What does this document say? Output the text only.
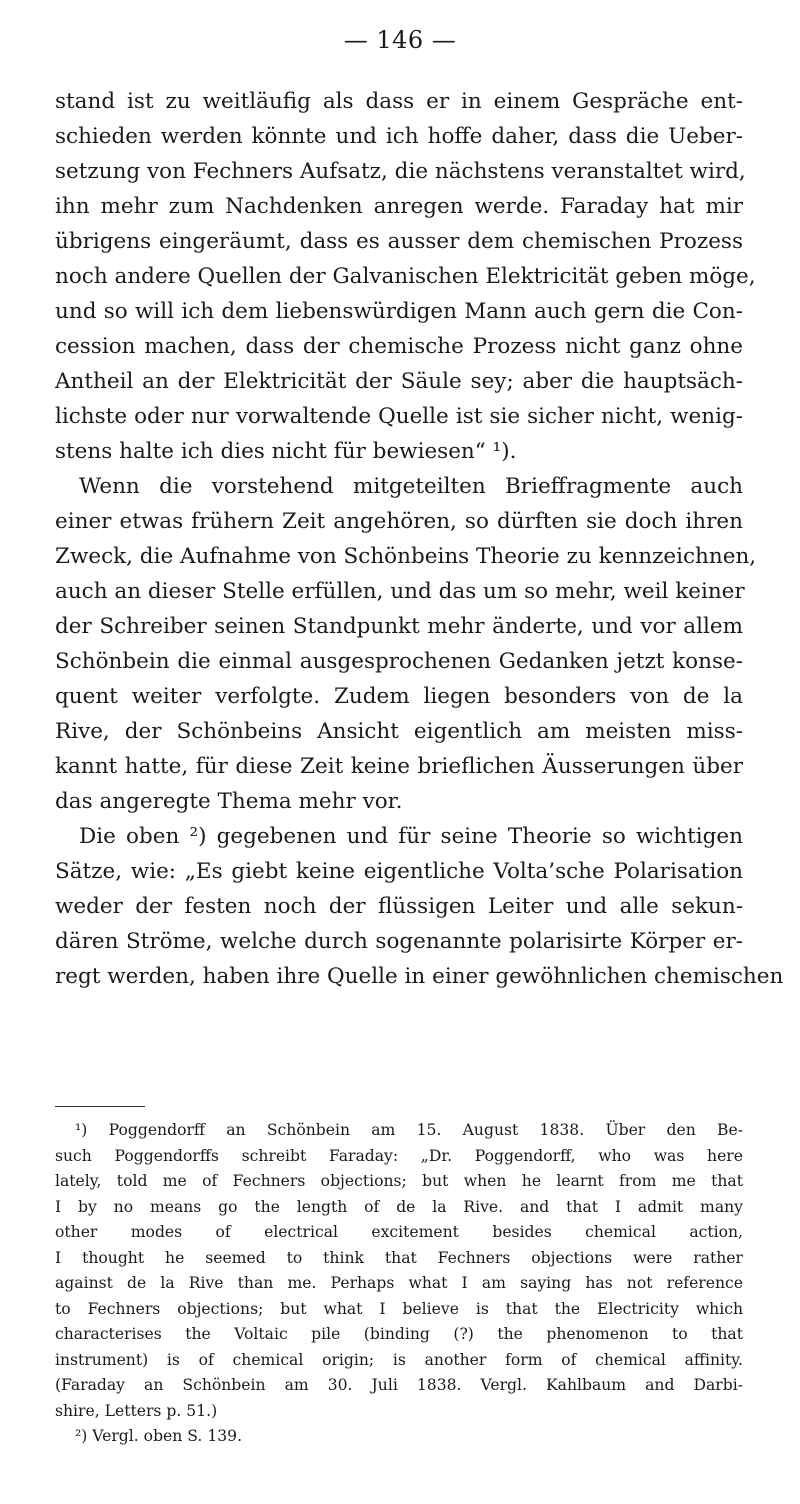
— 146 —
stand ist zu weitläufig als dass er in einem Gespräche ent-
schieden werden könnte und ich hoffe daher, dass die Ueber-
setzung von Fechners Aufsatz, die nächstens veranstaltet wird,
ihn mehr zum Nachdenken anregen werde. Faraday hat mir
übrigens eingeräumt, dass es ausser dem chemischen Prozess
noch andere Quellen der Galvanischen Elektricität geben möge,
und so will ich dem liebenswürdigen Mann auch gern die Con-
cession machen, dass der chemische Prozess nicht ganz ohne
Antheil an der Elektricität der Säule sey; aber die hauptsäch-
lichste oder nur vorwaltende Quelle ist sie sicher nicht, wenig-
stens halte ich dies nicht für bewiesen“ ¹).
Wenn die vorstehend mitgeteilten Brieffragmente auch
einer etwas frühern Zeit angehören, so dürften sie doch ihren
Zweck, die Aufnahme von Schönbeins Theorie zu kennzeichnen,
auch an dieser Stelle erfüllen, und das um so mehr, weil keiner
der Schreiber seinen Standpunkt mehr änderte, und vor allem
Schönbein die einmal ausgesprochenen Gedanken jetzt konse-
quent weiter verfolgte. Zudem liegen besonders von de la
Rive, der Schönbeins Ansicht eigentlich am meisten miss-
kannt hatte, für diese Zeit keine brieflichen Äusserungen über
das angeregte Thema mehr vor.
Die oben ²) gegebenen und für seine Theorie so wichtigen
Sätze, wie: „Es giebt keine eigentliche Volta’sche Polarisation
weder der festen noch der flüssigen Leiter und alle sekun-
dären Ströme, welche durch sogenannte polarisirte Körper er-
regt werden, haben ihre Quelle in einer gewöhnlichen chemischen
¹) Poggendorff an Schönbein am 15. August 1838. Über den Be-
such Poggendorffs schreibt Faraday: „Dr. Poggendorff, who was here
lately, told me of Fechners objections; but when he learnt from me that
I by no means go the length of de la Rive. and that I admit many
other modes of electrical excitement besides chemical action,
I thought he seemed to think that Fechners objections were rather
against de la Rive than me. Perhaps what I am saying has not reference
to Fechners objections; but what I believe is that the Electricity which
characterises the Voltaic pile (binding (?) the phenomenon to that
instrument) is of chemical origin; is another form of chemical affinity.
(Faraday an Schönbein am 30. Juli 1838. Vergl. Kahlbaum and Darbi-
shire, Letters p. 51.)
²) Vergl. oben S. 139.
